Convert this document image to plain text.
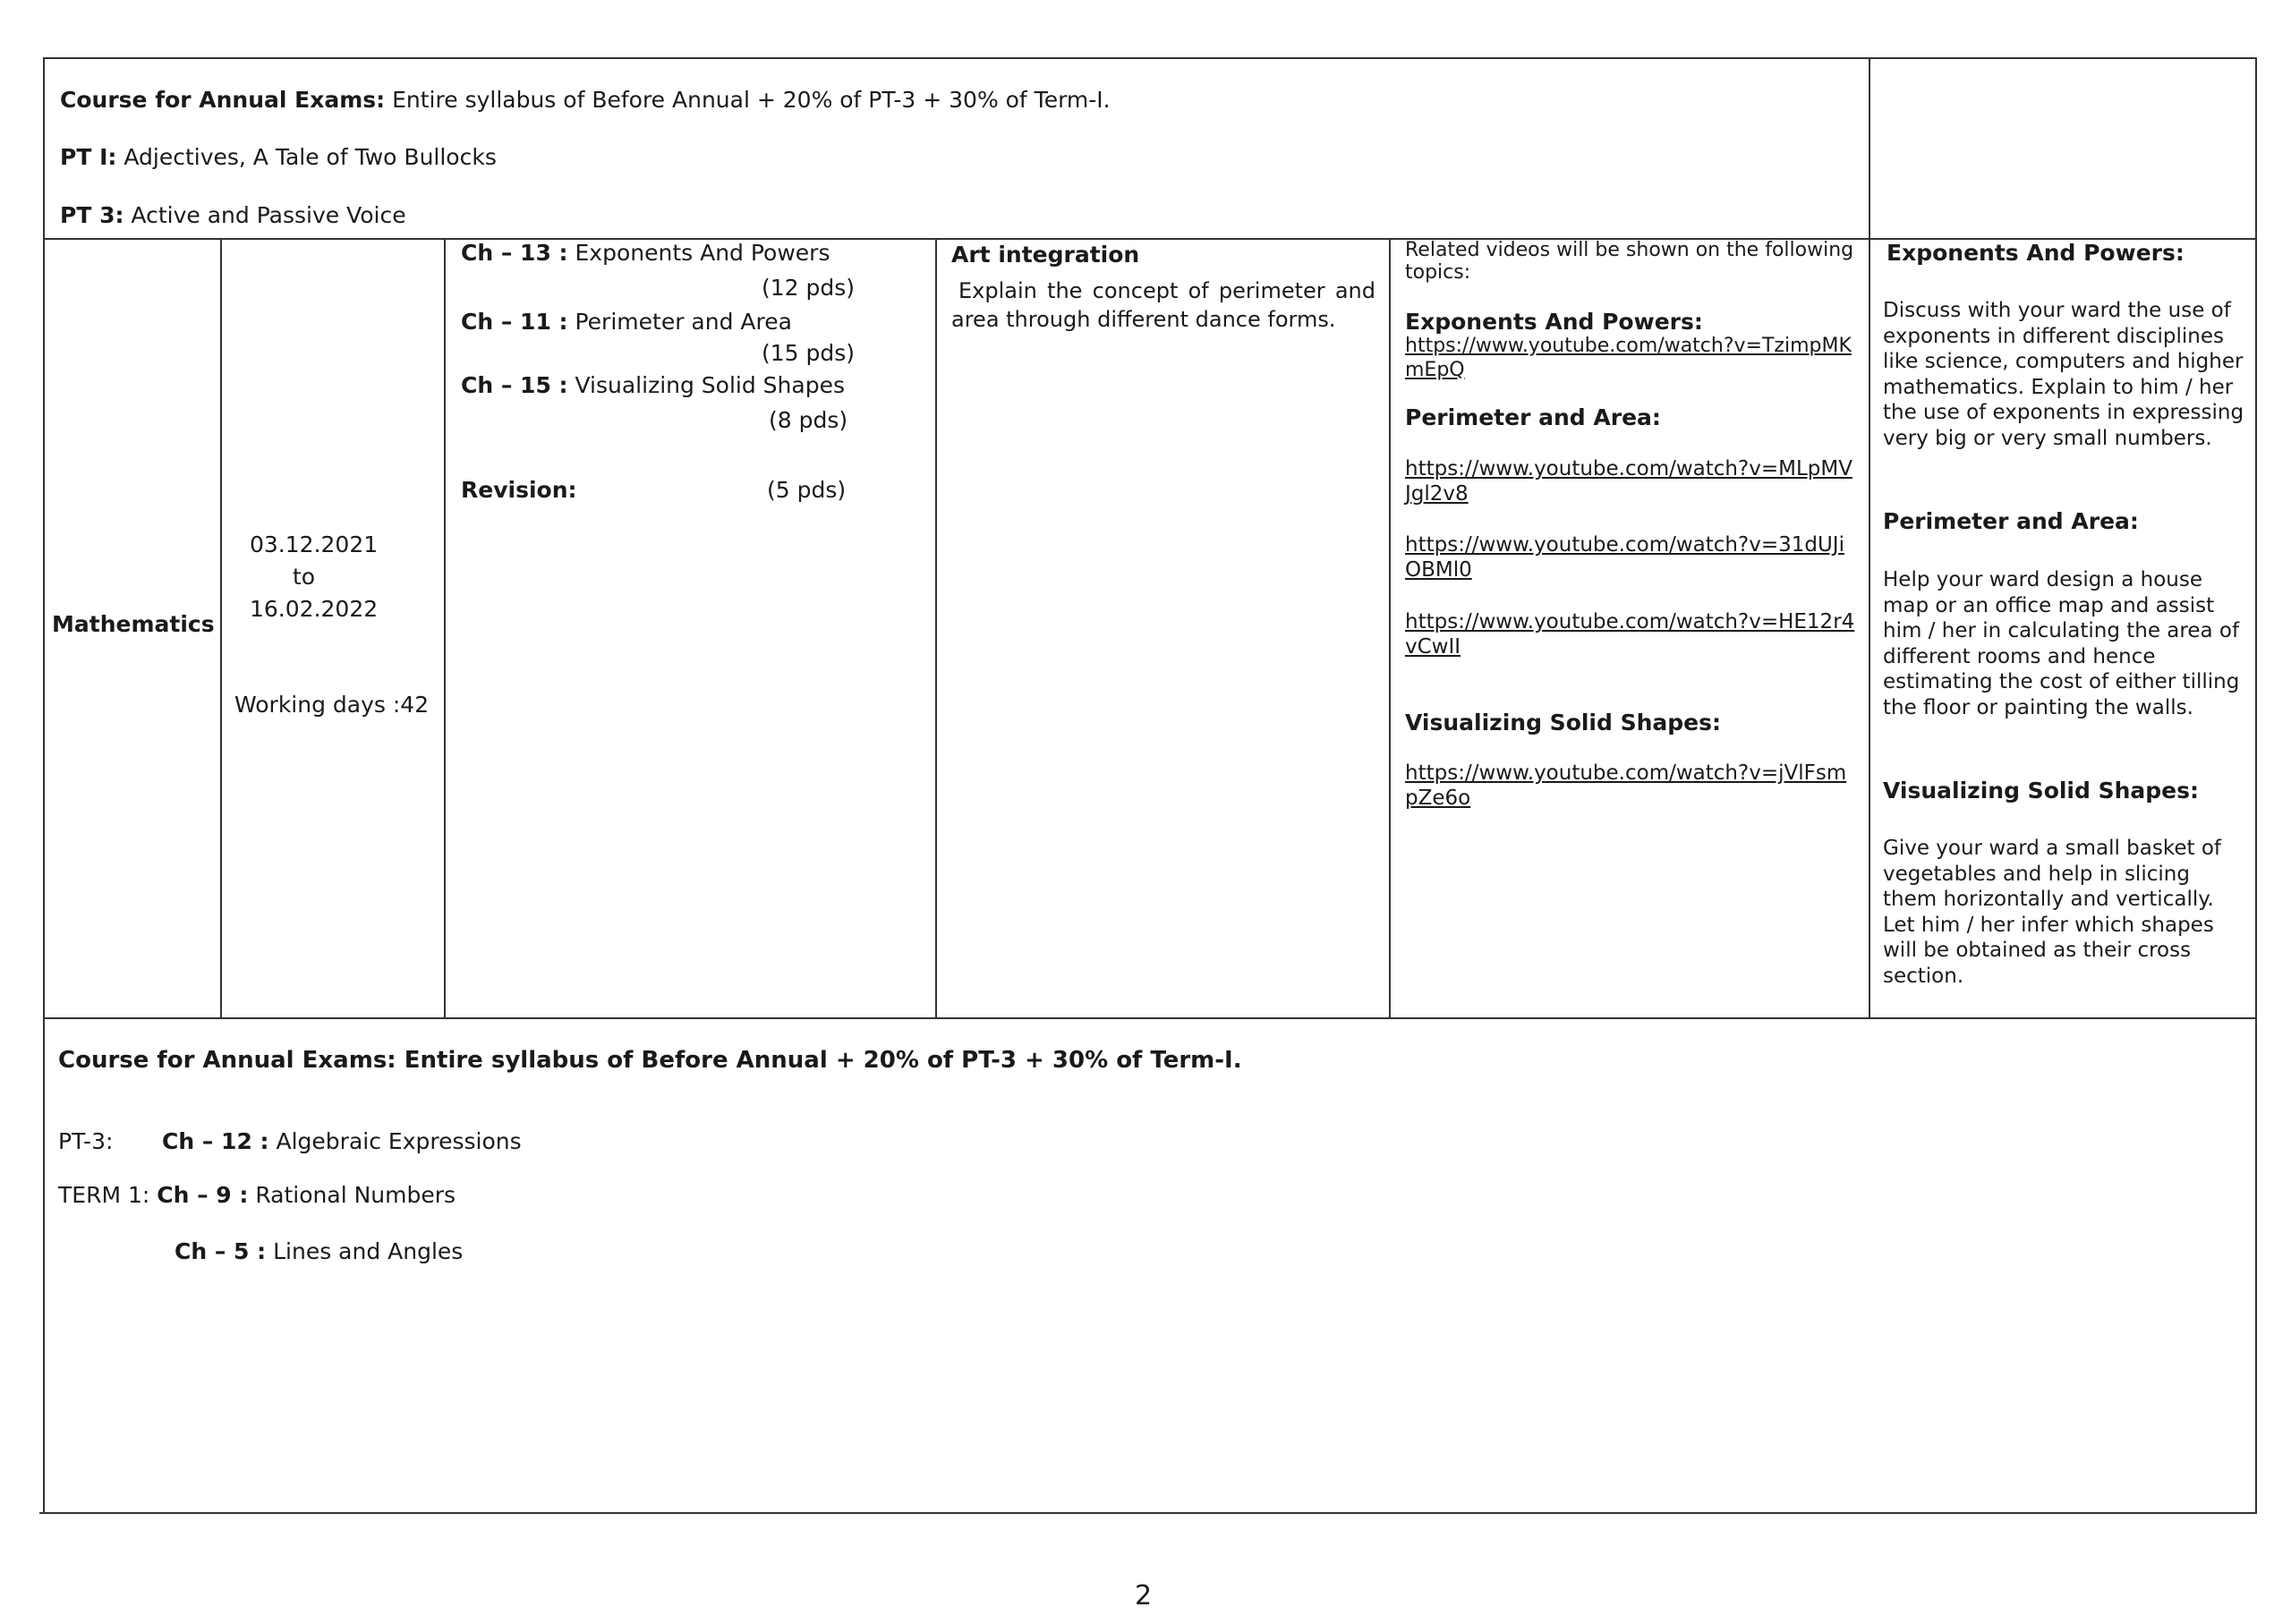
Course for Annual Exams: Entire syllabus of Before Annual + 20% of PT-3 + 30% of Term-I.
PT I: Adjectives, A Tale of Two Bullocks
PT 3: Active and Passive Voice
Mathematics
03.12.2021
to
16.02.2022
Working days :42
Ch – 13 : Exponents And Powers
(12 pds)
Ch – 11 : Perimeter and Area
(15 pds)
Ch – 15 : Visualizing Solid Shapes
(8 pds)
Revision:	(5 pds)
Art integration
Explain the concept of perimeter and area through different dance forms.
Related videos will be shown on the following topics:
Exponents And Powers:
https://www.youtube.com/watch?v=TzimpMKmEpQ
Perimeter and Area:
https://www.youtube.com/watch?v=MLpMVJgl2v8
https://www.youtube.com/watch?v=31dUJiOBMl0
https://www.youtube.com/watch?v=HE12r4vCwII
Visualizing Solid Shapes:
https://www.youtube.com/watch?v=jVlFsmpZe6o
Exponents And Powers:
Discuss with your ward the use of exponents in different disciplines like science, computers and higher mathematics. Explain to him / her the use of exponents in expressing very big or very small numbers.
Perimeter and Area:
Help your ward design a house map or an office map and assist him / her in calculating the area of different rooms and hence estimating the cost of either tilling the floor or painting the walls.
Visualizing Solid Shapes:
Give your ward a small basket of vegetables and help in slicing them horizontally and vertically. Let him / her infer which shapes will be obtained as their cross section.
Course for Annual Exams: Entire syllabus of Before Annual + 20% of PT-3 + 30% of Term-I.
PT-3: Ch – 12 : Algebraic Expressions
TERM 1: Ch – 9 : Rational Numbers
Ch – 5 : Lines and Angles
2
